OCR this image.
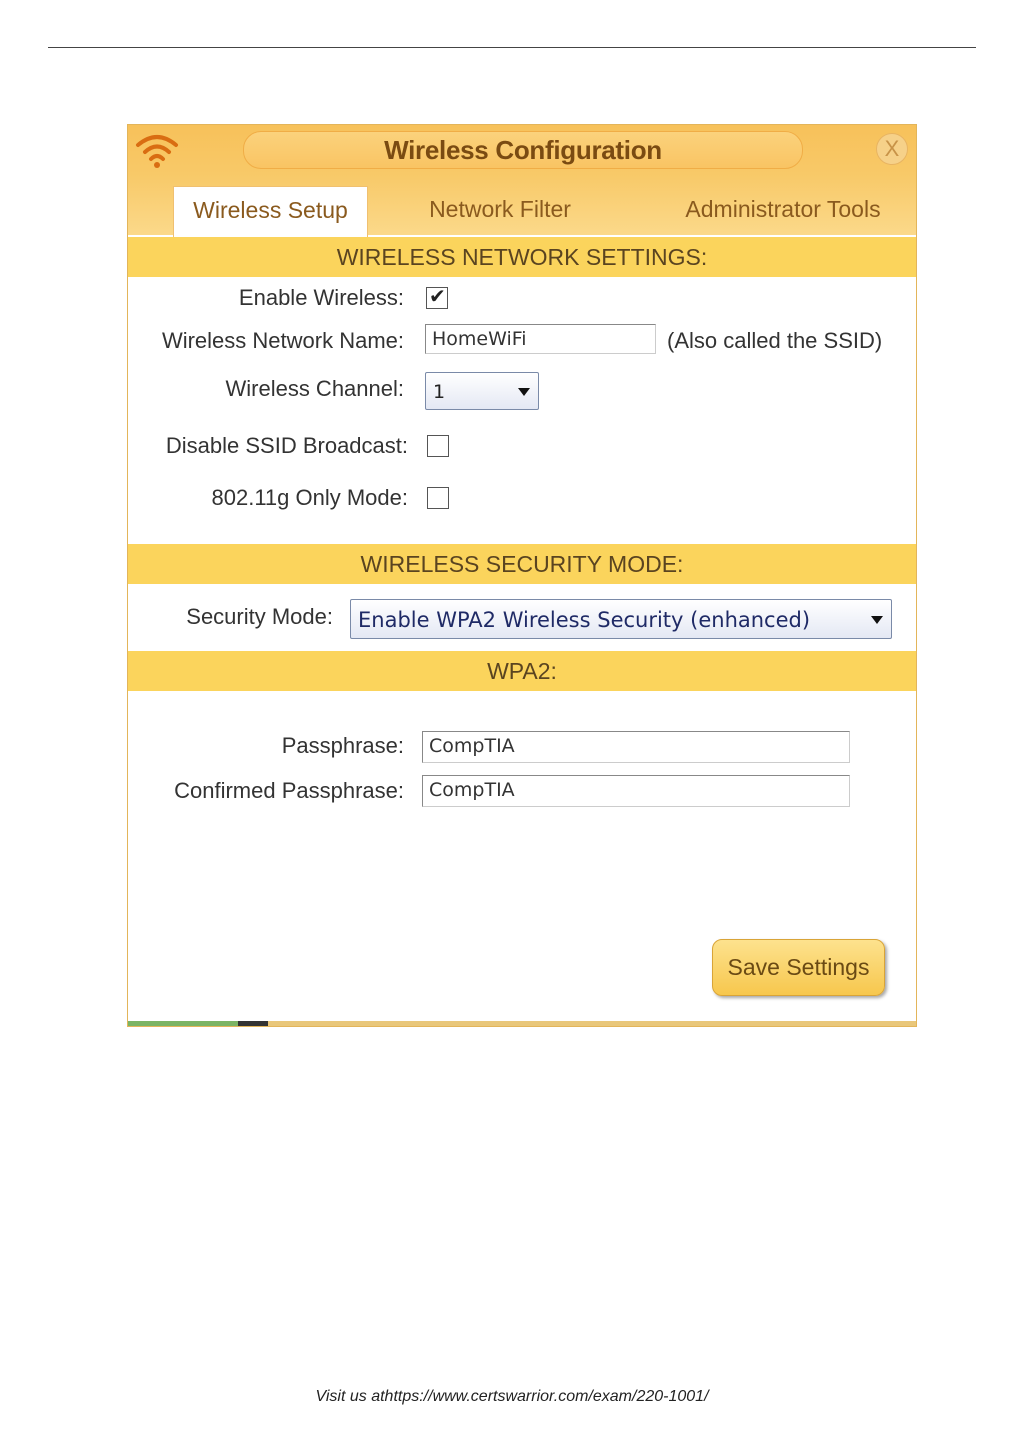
Wireless Configuration	X
Wireless Setup	Network Filter	Administrator Tools
WIRELESS NETWORK SETTINGS:
Enable Wireless: ✔
Wireless Network Name:	HomeWiFi	(Also called the SSID)
Wireless Channel: 1
Disable SSID Broadcast:
802.11g Only Mode:
WIRELESS SECURITY MODE:
Security Mode: Enable WPA2 Wireless Security (enhanced)
WPA2:
Passphrase:	CompTIA
Confirmed Passphrase:	CompTIA
Save Settings
Visit us athttps://www.certswarrior.com/exam/220-1001/
